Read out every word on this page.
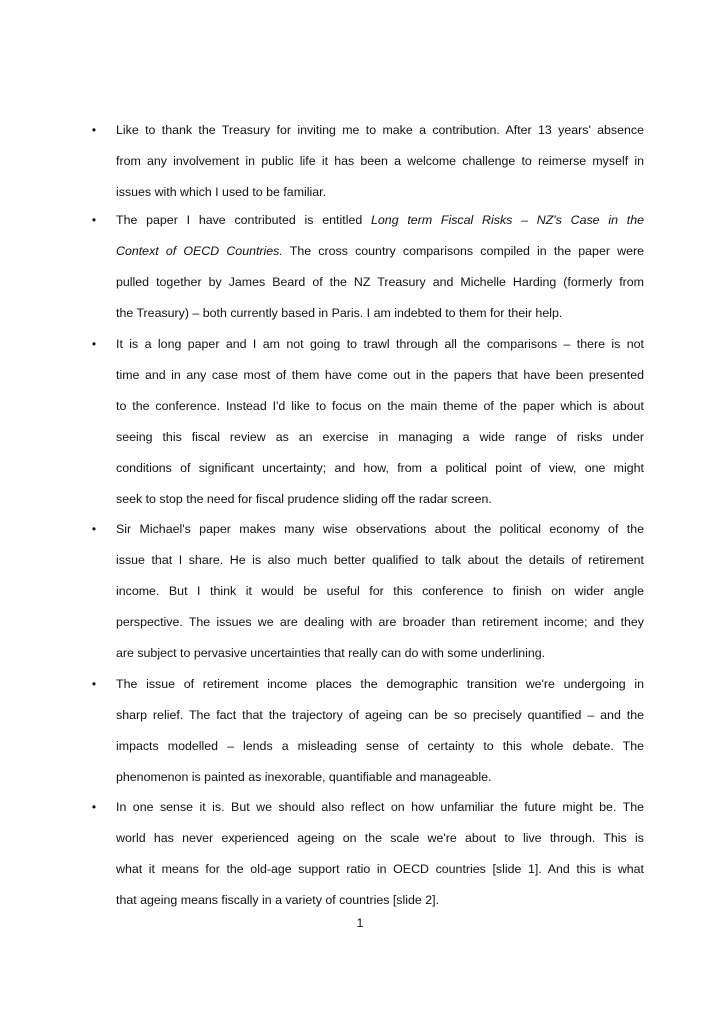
• Like to thank the Treasury for inviting me to make a contribution. After 13 years' absence
from any involvement in public life it has been a welcome challenge to reimerse myself in
issues with which I used to be familiar.
• The paper I have contributed is entitled Long term Fiscal Risks – NZ's Case in the
Context of OECD Countries. The cross country comparisons compiled in the paper were
pulled together by James Beard of the NZ Treasury and Michelle Harding (formerly from
the Treasury) – both currently based in Paris. I am indebted to them for their help.
• It is a long paper and I am not going to trawl through all the comparisons – there is not
time and in any case most of them have come out in the papers that have been presented
to the conference. Instead I'd like to focus on the main theme of the paper which is about
seeing this fiscal review as an exercise in managing a wide range of risks under
conditions of significant uncertainty; and how, from a political point of view, one might
seek to stop the need for fiscal prudence sliding off the radar screen.
• Sir Michael's paper makes many wise observations about the political economy of the
issue that I share. He is also much better qualified to talk about the details of retirement
income. But I think it would be useful for this conference to finish on wider angle
perspective. The issues we are dealing with are broader than retirement income; and they
are subject to pervasive uncertainties that really can do with some underlining.
• The issue of retirement income places the demographic transition we're undergoing in
sharp relief. The fact that the trajectory of ageing can be so precisely quantified – and the
impacts modelled – lends a misleading sense of certainty to this whole debate. The
phenomenon is painted as inexorable, quantifiable and manageable.
• In one sense it is. But we should also reflect on how unfamiliar the future might be. The
world has never experienced ageing on the scale we're about to live through. This is
what it means for the old-age support ratio in OECD countries [slide 1]. And this is what
that ageing means fiscally in a variety of countries [slide 2].
1
